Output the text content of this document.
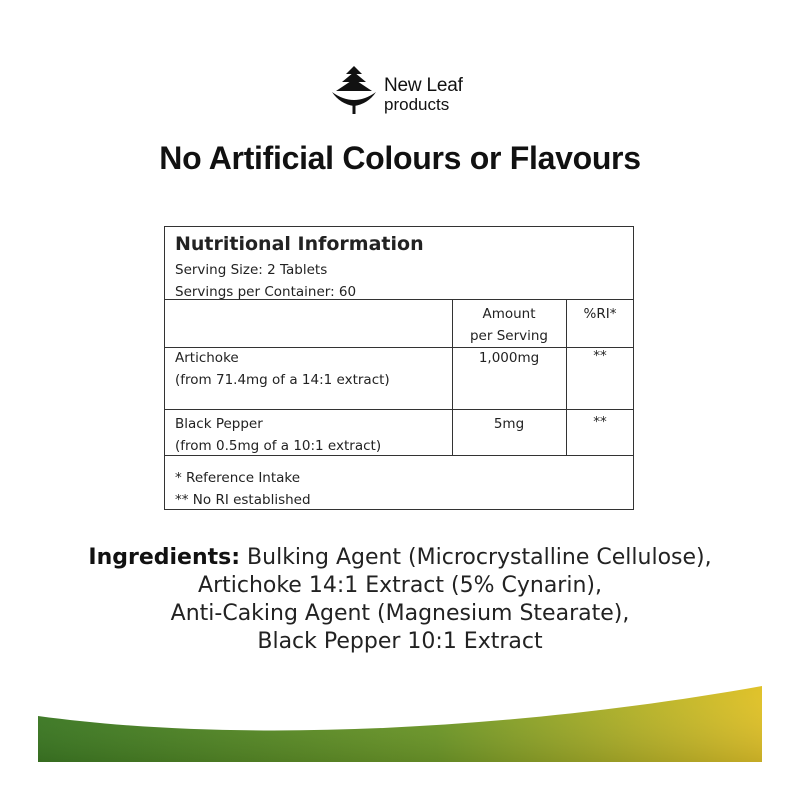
New Leaf
products
No Artificial Colours or Flavours
Nutritional Information
Serving Size: 2 Tablets
Servings per Container: 60
Amount
per Serving
%RI*
Artichoke
(from 71.4mg of a 14:1 extract)
1,000mg	**
Black Pepper
(from 0.5mg of a 10:1 extract)
5mg	**
* Reference Intake
** No RI established
Ingredients: Bulking Agent (Microcrystalline Cellulose),
Artichoke 14:1 Extract (5% Cynarin),
Anti-Caking Agent (Magnesium Stearate),
Black Pepper 10:1 Extract
